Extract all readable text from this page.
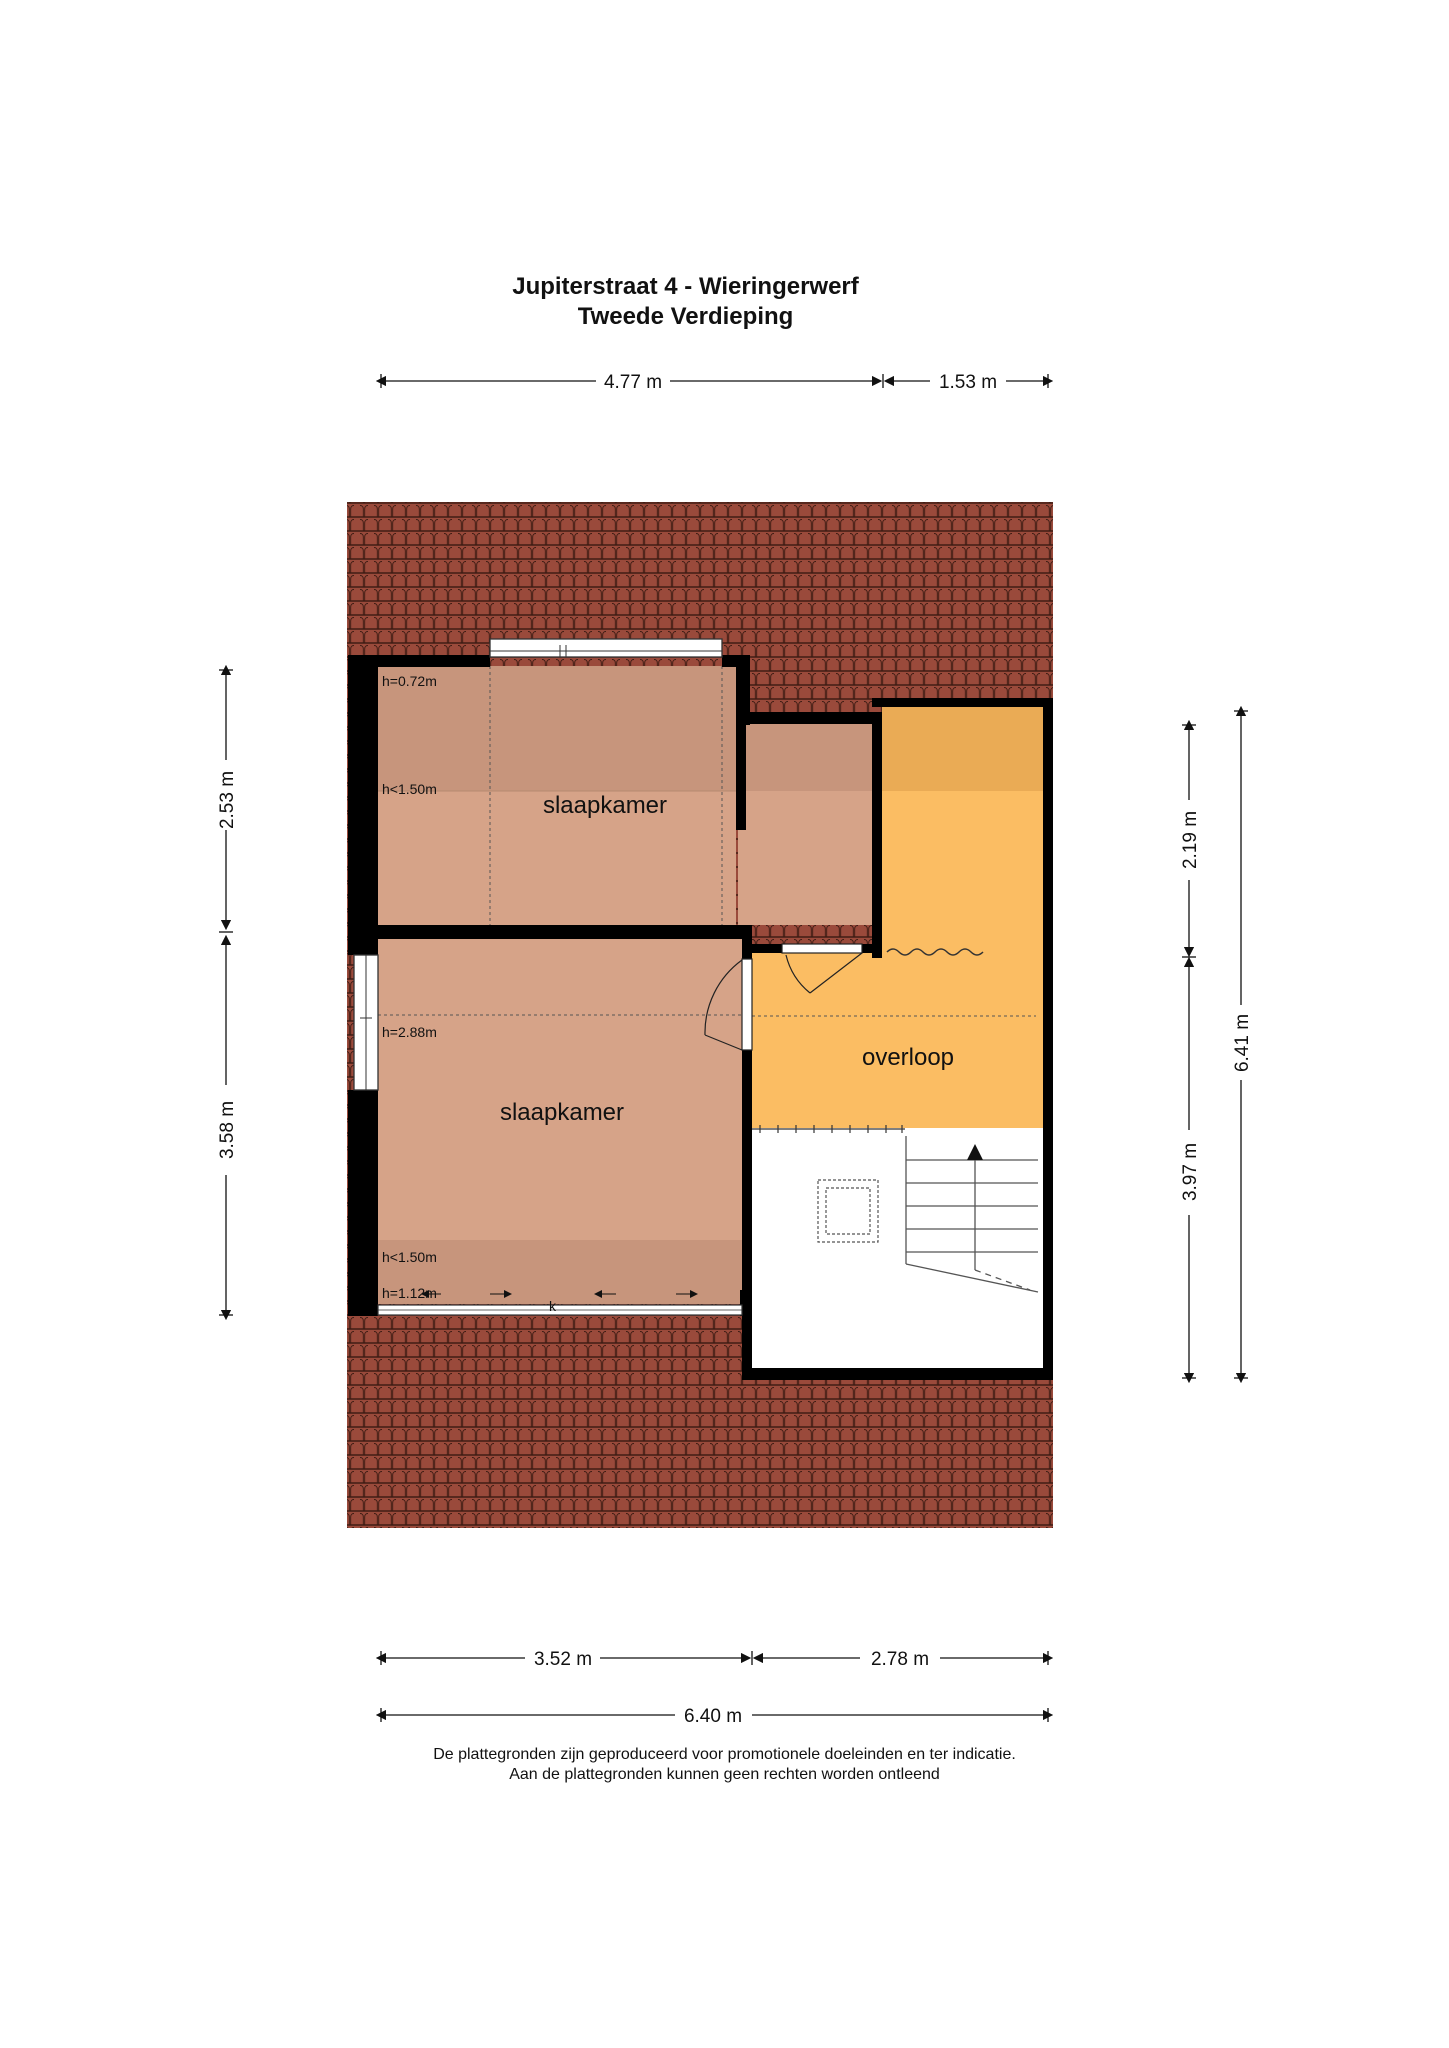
Jupiterstraat 4 - Wieringerwerf
Tweede Verdieping
slaapkamer
slaapkamer
overloop
h=0.72m
h<1.50m
h=2.88m
h<1.50m
h=1.12m
k
4.77 m	1.53 m
2.53 m
3.58 m
2.19 m
3.97 m
6.41 m
3.52 m	2.78 m
6.40 m
De plattegronden zijn geproduceerd voor promotionele doeleinden en ter indicatie.
Aan de plattegronden kunnen geen rechten worden ontleend
